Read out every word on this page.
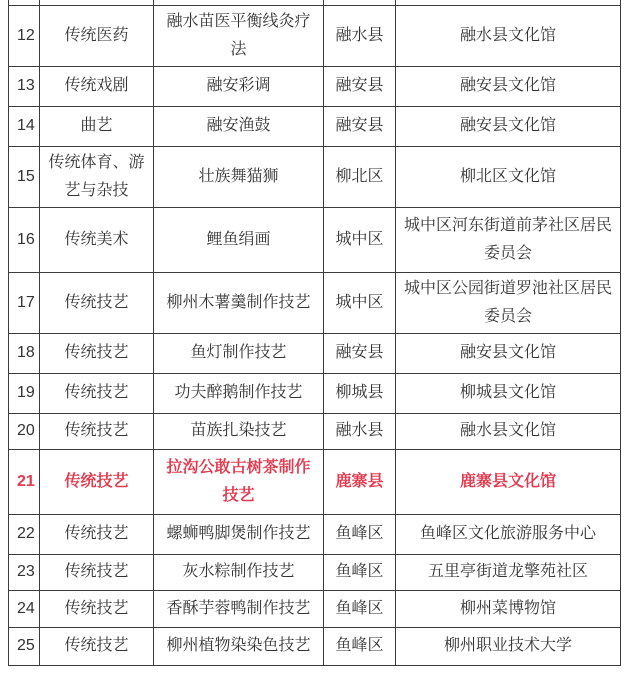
12	传统医药	融水苗医平衡线灸疗法	融水县	融水县文化馆
13	传统戏剧	融安彩调	融安县	融安县文化馆
14	曲艺	融安渔鼓	融安县	融安县文化馆
15	传统体育、游艺与杂技	壮族舞猫狮	柳北区	柳北区文化馆
16	传统美术	鲤鱼绢画	城中区	城中区河东街道前茅社区居民委员会
17	传统技艺	柳州木薯羹制作技艺	城中区	城中区公园街道罗池社区居民委员会
18	传统技艺	鱼灯制作技艺	融安县	融安县文化馆
19	传统技艺	功夫醉鹅制作技艺	柳城县	柳城县文化馆
20	传统技艺	苗族扎染技艺	融水县	融水县文化馆
21	传统技艺	拉沟公敢古树茶制作技艺	鹿寨县	鹿寨县文化馆
22	传统技艺	螺蛳鸭脚煲制作技艺	鱼峰区	鱼峰区文化旅游服务中心
23	传统技艺	灰水粽制作技艺	鱼峰区	五里亭街道龙擎苑社区
24	传统技艺	香酥芋蓉鸭制作技艺	鱼峰区	柳州菜博物馆
25	传统技艺	柳州植物染染色技艺	鱼峰区	柳州职业技术大学
